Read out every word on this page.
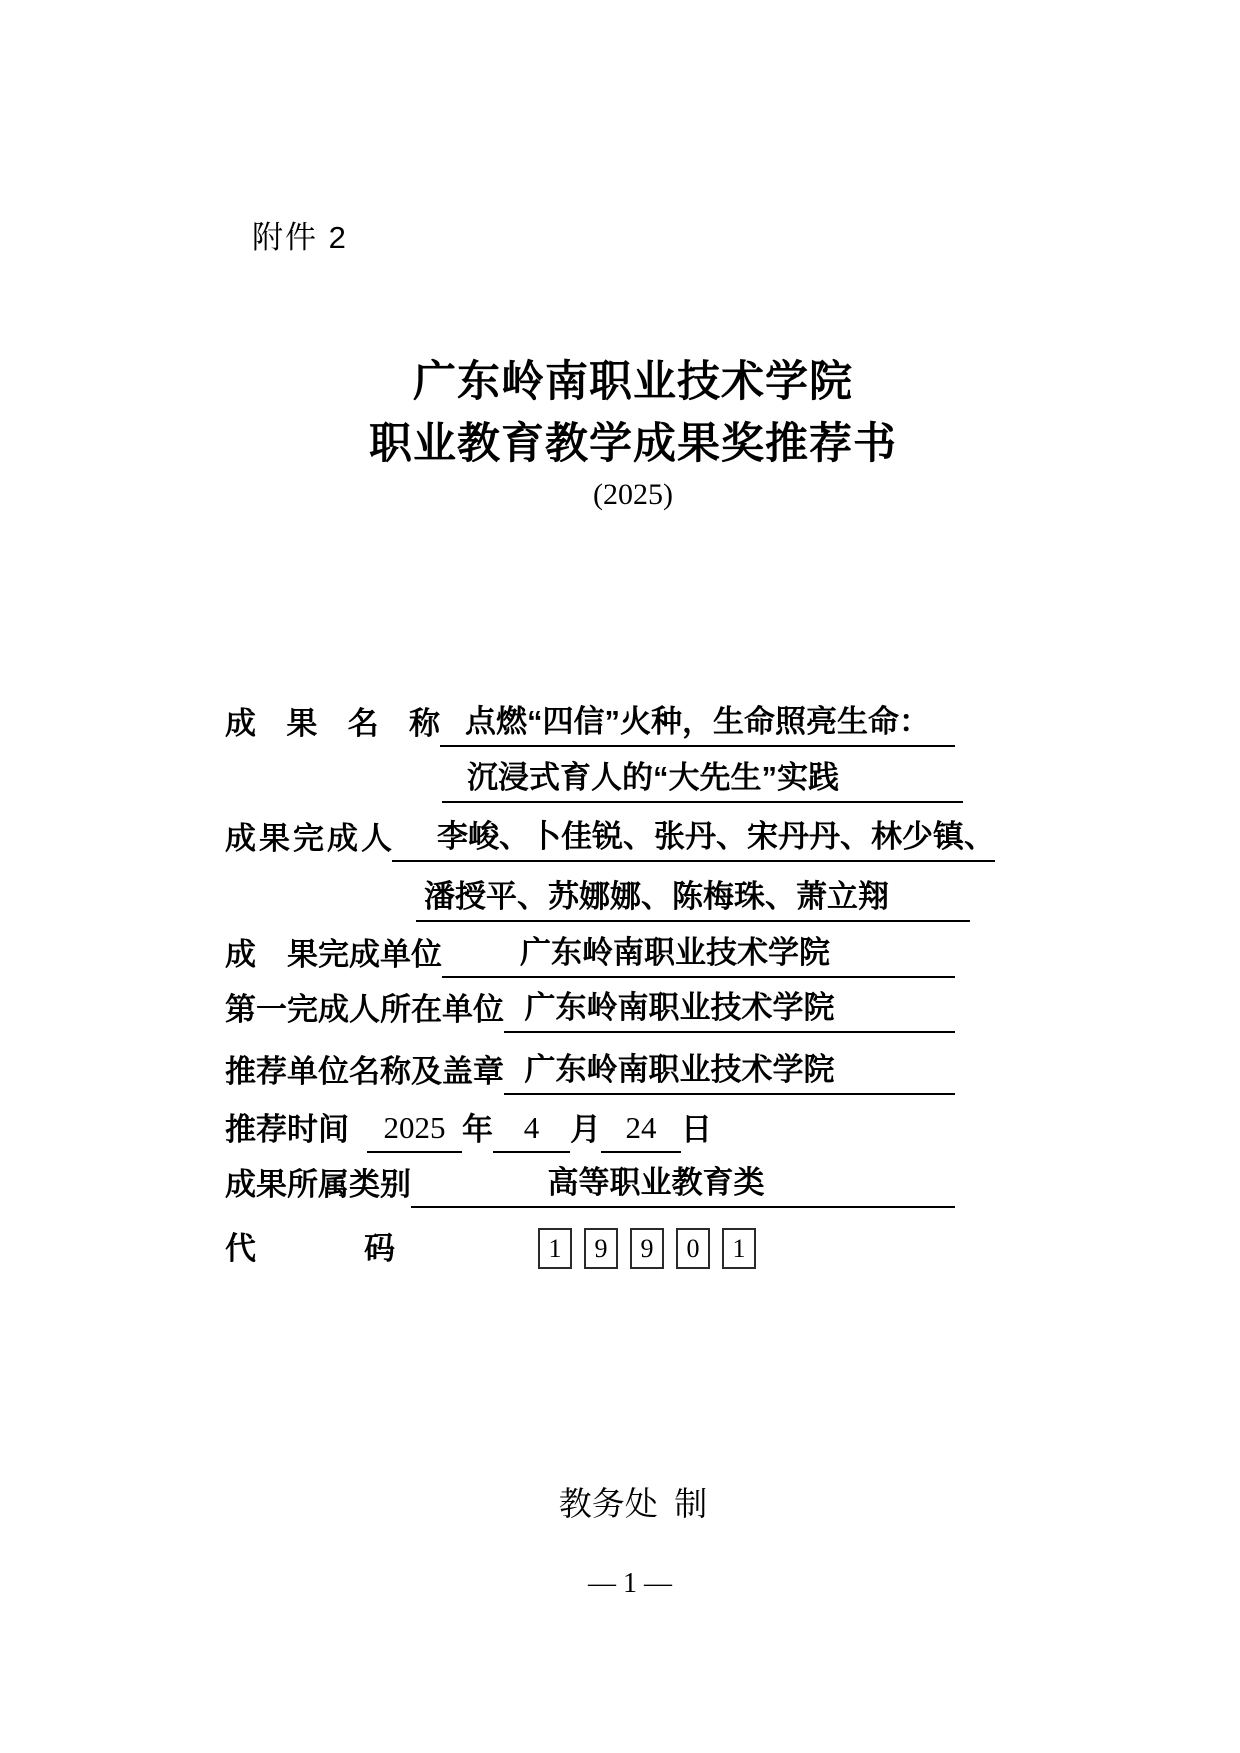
附件 2
广东岭南职业技术学院
职业教育教学成果奖推荐书
(2025)
成果名称 点燃“四信”火种，生命照亮生命：
沉浸式育人的“大先生”实践
成果完成人	李峻、卜佳锐、张丹、宋丹丹、林少镇、
潘授平、苏娜娜、陈梅珠、萧立翔
成　果完成单位	广东岭南职业技术学院
第一完成人所在单位 广东岭南职业技术学院
推荐单位名称及盖章 广东岭南职业技术学院
推荐时间	2025 年 4 月 24 日
成果所属类别	高等职业教育类
代码	1	9	9	0	1
教务处  制
— 1 —
